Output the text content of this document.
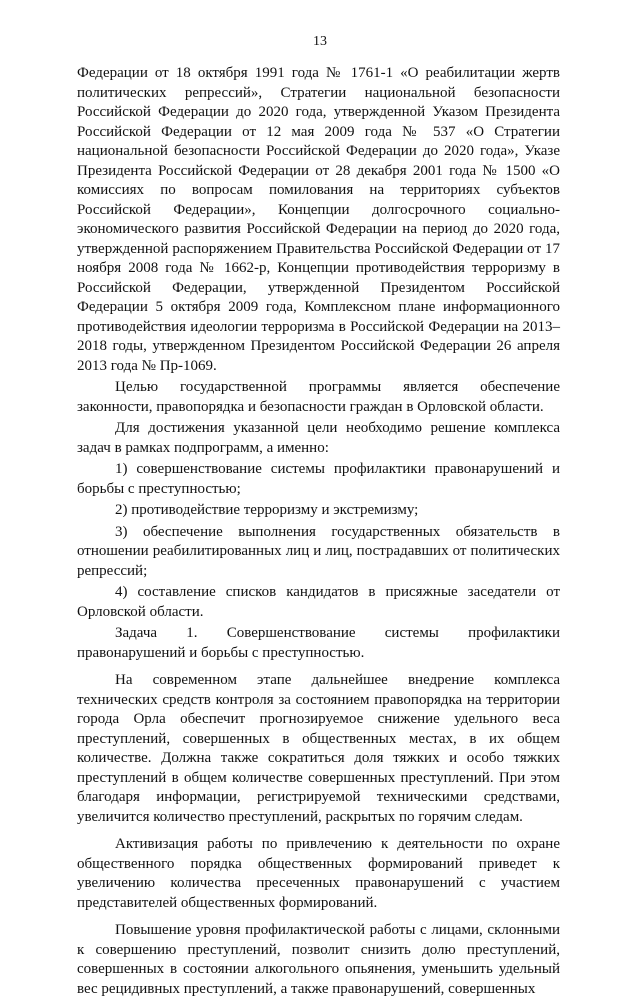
13

Федерации от 18 октября 1991 года № 1761-1 «О реабилитации жертв политических репрессий», Стратегии национальной безопасности Российской Федерации до 2020 года, утвержденной Указом Президента Российской Федерации от 12 мая 2009 года № 537 «О Стратегии национальной безопасности Российской Федерации до 2020 года», Указе Президента Российской Федерации от 28 декабря 2001 года № 1500 «О комиссиях по вопросам помилования на территориях субъектов Российской Федерации», Концепции долгосрочного социально-экономического развития Российской Федерации на период до 2020 года, утвержденной распоряжением Правительства Российской Федерации от 17 ноября 2008 года № 1662-р, Концепции противодействия терроризму в Российской Федерации, утвержденной Президентом Российской Федерации 5 октября 2009 года, Комплексном плане информационного противодействия идеологии терроризма в Российской Федерации на 2013–2018 годы, утвержденном Президентом Российской Федерации 26 апреля 2013 года № Пр-1069.

Целью государственной программы является обеспечение законности, правопорядка и безопасности граждан в Орловской области.

Для достижения указанной цели необходимо решение комплекса задач в рамках подпрограмм, а именно:

1) совершенствование системы профилактики правонарушений и борьбы с преступностью;

2) противодействие терроризму и экстремизму;

3) обеспечение выполнения государственных обязательств в отношении реабилитированных лиц и лиц, пострадавших от политических репрессий;

4) составление списков кандидатов в присяжные заседатели от Орловской области.

Задача 1. Совершенствование системы профилактики правонарушений и борьбы с преступностью.

На современном этапе дальнейшее внедрение комплекса технических средств контроля за состоянием правопорядка на территории города Орла обеспечит прогнозируемое снижение удельного веса преступлений, совершенных в общественных местах, в их общем количестве. Должна также сократиться доля тяжких и особо тяжких преступлений в общем количестве совершенных преступлений. При этом благодаря информации, регистрируемой техническими средствами, увеличится количество преступлений, раскрытых по горячим следам.

Активизация работы по привлечению к деятельности по охране общественного порядка общественных формирований приведет к увеличению количества пресеченных правонарушений с участием представителей общественных формирований.

Повышение уровня профилактической работы с лицами, склонными к совершению преступлений, позволит снизить долю преступлений, совершенных в состоянии алкогольного опьянения, уменьшить удельный вес рецидивных преступлений, а также правонарушений, совершенных
